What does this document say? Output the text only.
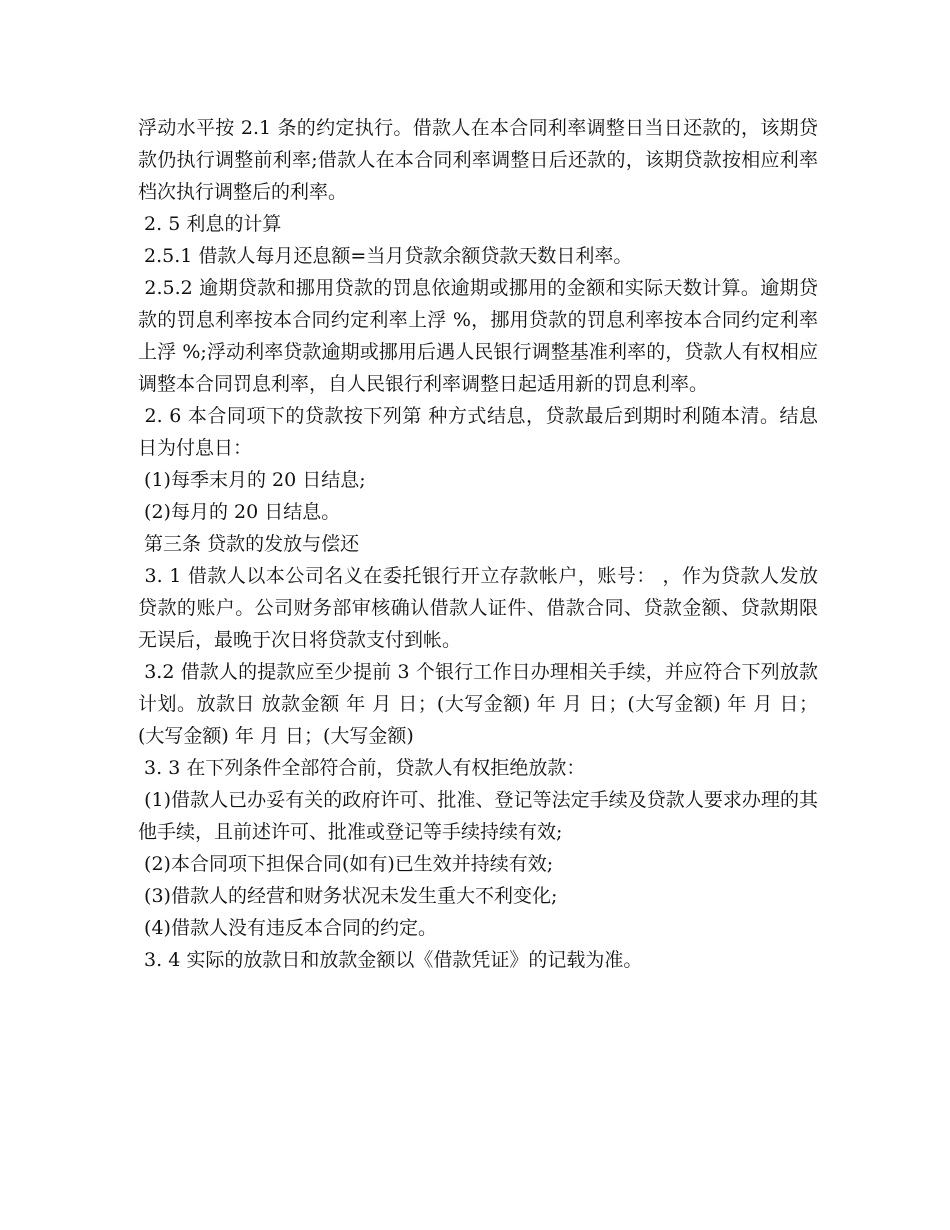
浮动水平按 2.1 条的约定执行。借款人在本合同利率调整日当日还款的，该期贷款仍执行调整前利率;借款人在本合同利率调整日后还款的，该期贷款按相应利率档次执行调整后的利率。

2. 5 利息的计算

2.5.1 借款人每月还息额=当月贷款余额贷款天数日利率。

2.5.2 逾期贷款和挪用贷款的罚息依逾期或挪用的金额和实际天数计算。逾期贷款的罚息利率按本合同约定利率上浮 %，挪用贷款的罚息利率按本合同约定利率上浮 %;浮动利率贷款逾期或挪用后遇人民银行调整基准利率的，贷款人有权相应调整本合同罚息利率，自人民银行利率调整日起适用新的罚息利率。

2. 6 本合同项下的贷款按下列第 种方式结息，贷款最后到期时利随本清。结息日为付息日：

(1)每季末月的 20 日结息;

(2)每月的 20 日结息。

第三条 贷款的发放与偿还

3. 1 借款人以本公司名义在委托银行开立存款帐户，账号： ，作为贷款人发放贷款的账户。公司财务部审核确认借款人证件、借款合同、贷款金额、贷款期限无误后，最晚于次日将贷款支付到帐。

3.2 借款人的提款应至少提前 3 个银行工作日办理相关手续，并应符合下列放款计划。放款日 放款金额 年 月 日；(大写金额) 年 月 日；(大写金额) 年 月 日；(大写金额) 年 月 日；(大写金额)

3. 3 在下列条件全部符合前，贷款人有权拒绝放款：

(1)借款人已办妥有关的政府许可、批准、登记等法定手续及贷款人要求办理的其他手续，且前述许可、批准或登记等手续持续有效;

(2)本合同项下担保合同(如有)已生效并持续有效;

(3)借款人的经营和财务状况未发生重大不利变化;

(4)借款人没有违反本合同的约定。

3. 4 实际的放款日和放款金额以《借款凭证》的记载为准。
